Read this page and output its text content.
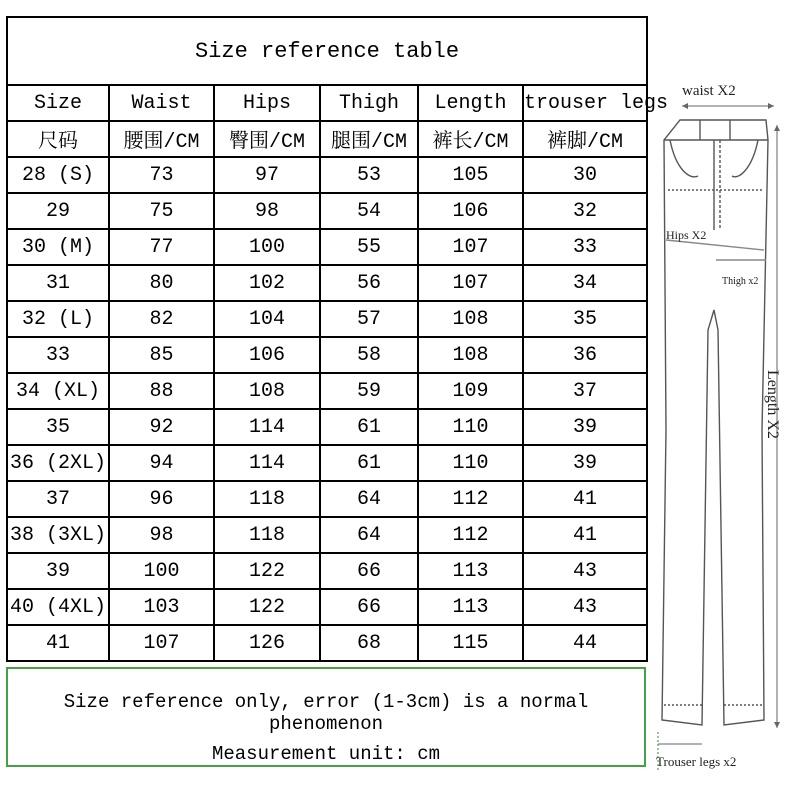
Size reference table					
Size	Waist	Hips	Thigh	Length	trouser legs
尺码	腰围/CM	臀围/CM	腿围/CM	裤长/CM	裤脚/CM
28 (S)	73	97	53	105	30
29	75	98	54	106	32
30 (M)	77	100	55	107	33
31	80	102	56	107	34
32 (L)	82	104	57	108	35
33	85	106	58	108	36
34 (XL)	88	108	59	109	37
35	92	114	61	110	39
36 (2XL)	94	114	61	110	39
37	96	118	64	112	41
38 (3XL)	98	118	64	112	41
39	100	122	66	113	43
40 (4XL)	103	122	66	113	43
41	107	126	68	115	44
Size reference only, error (1-3cm) is a normal phenomenon
Measurement unit: cm
waist X2
Hips X2
Thigh x2
Length X2
Trouser legs x2
